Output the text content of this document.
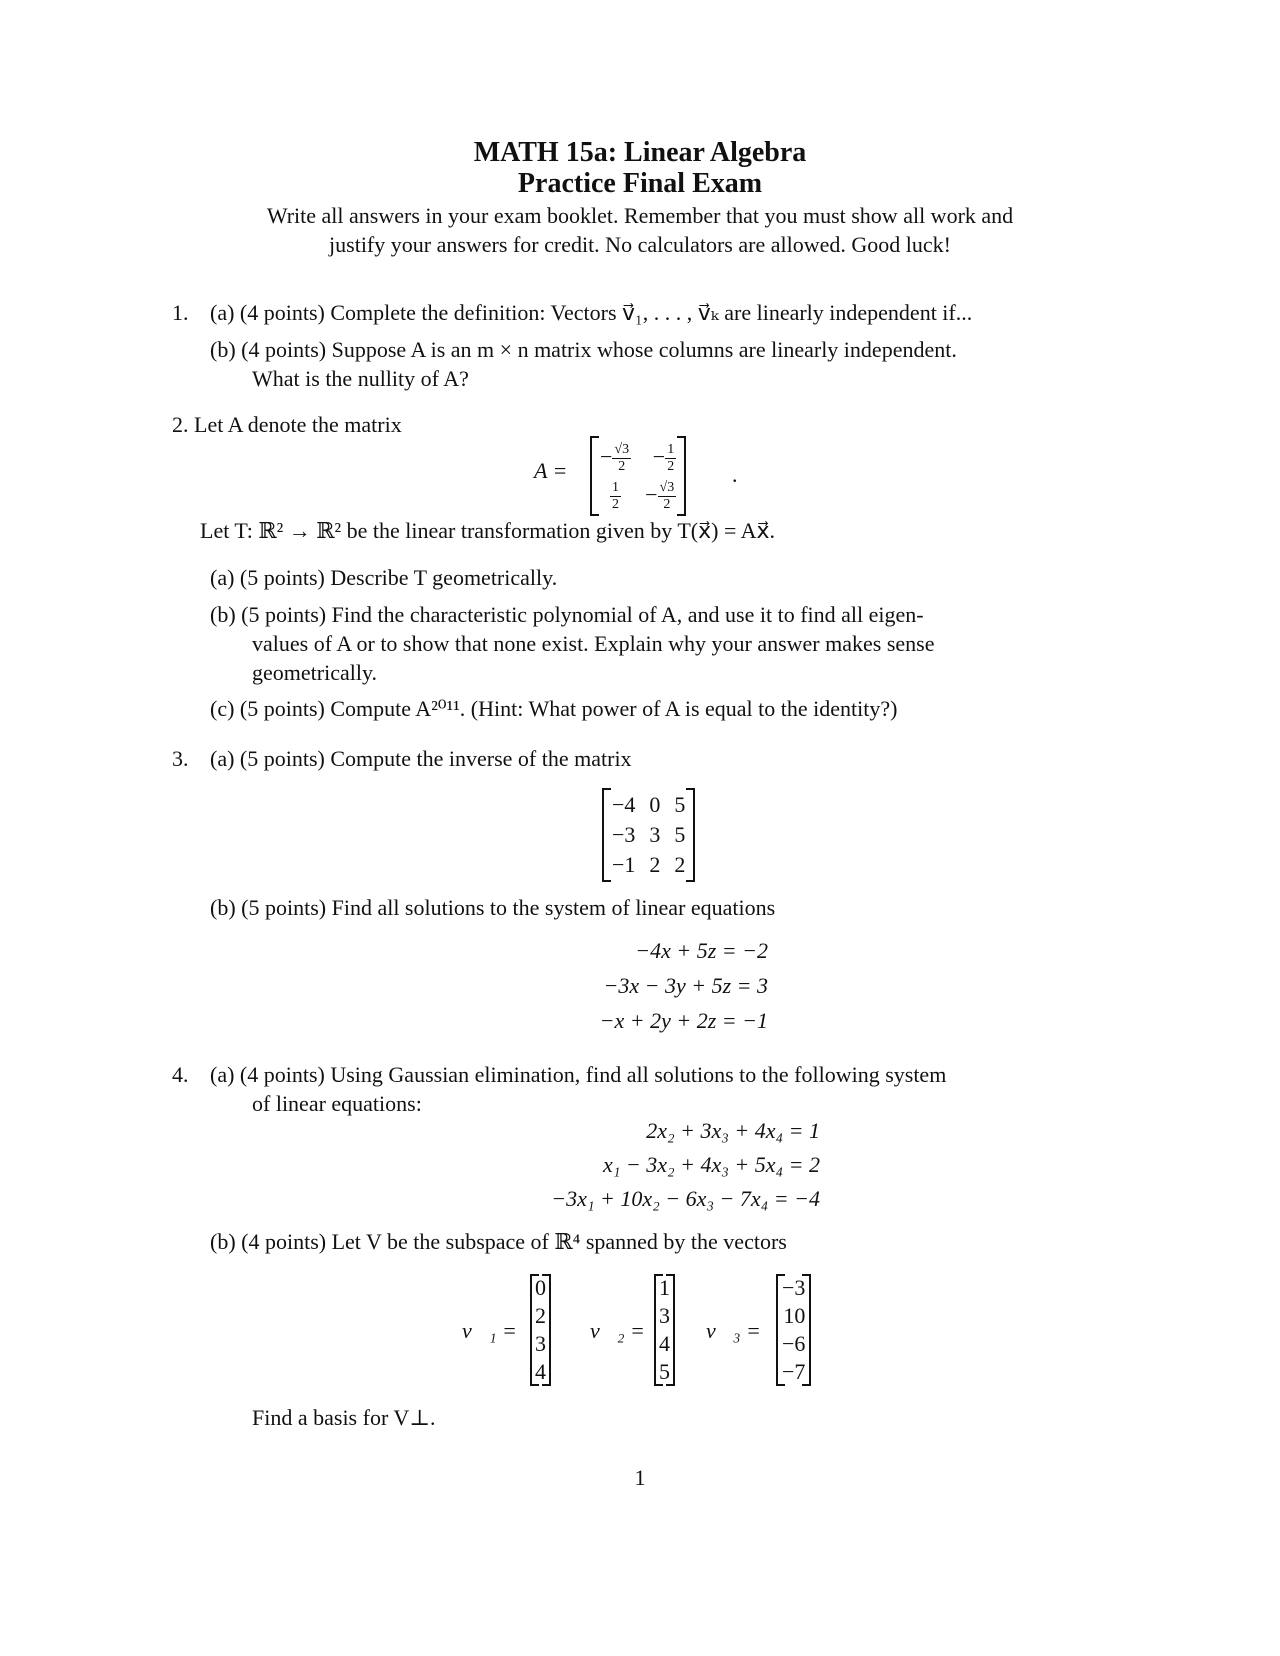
MATH 15a: Linear Algebra
Practice Final Exam
Write all answers in your exam booklet. Remember that you must show all work and
justify your answers for credit. No calculators are allowed. Good luck!
1. (a) (4 points) Complete the definition: Vectors v⃗₁, . . . , v⃗ₖ are linearly independent if...
(b) (4 points) Suppose A is an m × n matrix whose columns are linearly independent.
What is the nullity of A?
2. Let A denote the matrix
A =
− $\frac{√3}{2} - \frac{1}{2}$
$\frac{1}{2} - \frac{√3}{2}$
.
Let T: ℝ² → ℝ² be the linear transformation given by T(x⃗) = Ax⃗.
(a) (5 points) Describe T geometrically.
(b) (5 points) Find the characteristic polynomial of A, and use it to find all eigen-
values of A or to show that none exist. Explain why your answer makes sense
geometrically.
(c) (5 points) Compute A²⁰¹¹. (Hint: What power of A is equal to the identity?)
3. (a) (5 points) Compute the inverse of the matrix
−4 0 5
−3 3 5
−1 2 2
(b) (5 points) Find all solutions to the system of linear equations
−4x + 5z = −2
−3x − 3y + 5z = 3
−x + 2y + 2z = −1
4. (a) (4 points) Using Gaussian elimination, find all solutions to the following system
of linear equations:
2x₂ + 3x₃ + 4x₄ = 1
x₁ − 3x₂ + 4x₃ + 5x₄ = 2
−3x₁ + 10x₂ − 6x₃ − 7x₄ = −4
(b) (4 points) Let V be the subspace of ℝ⁴ spanned by the vectors
v⃗₁ =
0
2
3
4
v⃗₂ =
1
3
4
5
v⃗₃ =
−3
10
−6
−7
Find a basis for V⊥.
1
